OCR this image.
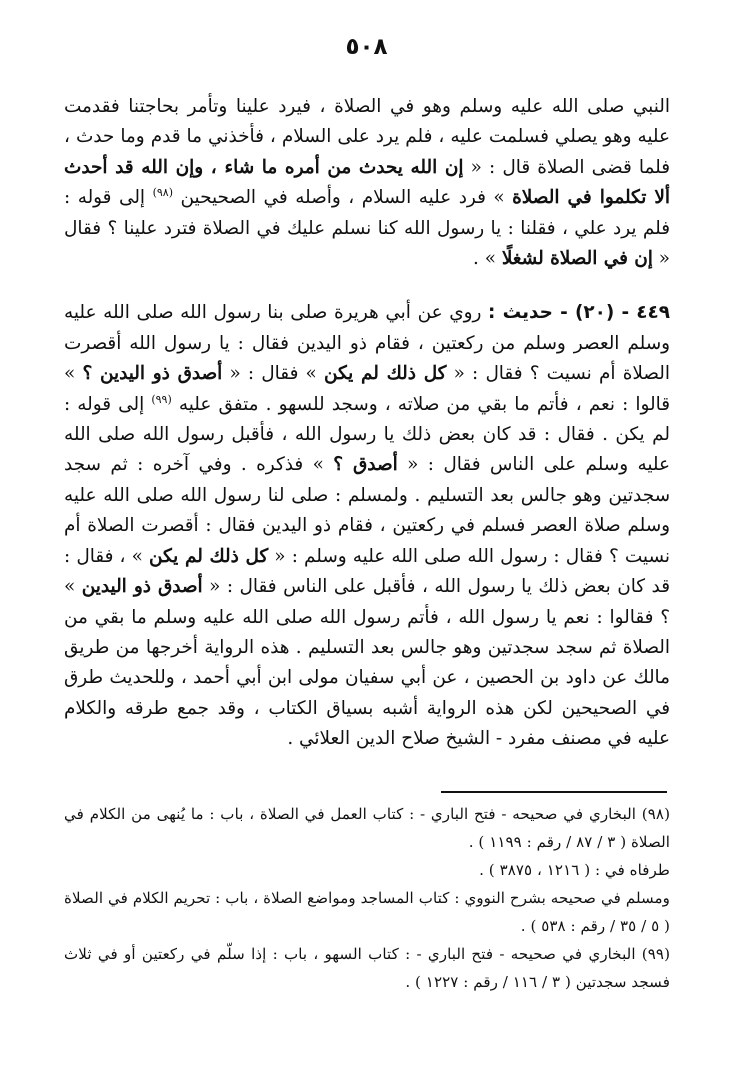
٥٠٨

النبي صلى الله عليه وسلم وهو في الصلاة ، فيرد علينا وتأمر بحاجتنا فقدمت عليه وهو يصلي فسلمت عليه ، فلم يرد على السلام ، فأخذني ما قدم وما حدث ، فلما قضى الصلاة قال : « إن الله يحدث من أمره ما شاء ، وإن الله قد أحدث ألا تكلموا في الصلاة » فرد عليه السلام ، وأصله في الصحيحين $^{(٩٨)}$ إلى قوله : فلم يرد علي ، فقلنا : يا رسول الله كنا نسلم عليك في الصلاة فترد علينا ؟ فقال « إن في الصلاة لشغلًا » .

٤٤٩ - (٢٠) - حديث : روي عن أبي هريرة صلى بنا رسول الله صلى الله عليه وسلم العصر وسلم من ركعتين ، فقام ذو اليدين فقال : يا رسول الله أقصرت الصلاة أم نسيت ؟ فقال : « كل ذلك لم يكن » فقال : « أصدق ذو اليدين ؟ » قالوا : نعم ، فأتم ما بقي من صلاته ، وسجد للسهو . متفق عليه $^{(٩٩)}$ إلى قوله : لم يكن . فقال : قد كان بعض ذلك يا رسول الله ، فأقبل رسول الله صلى الله عليه وسلم على الناس فقال : « أصدق ؟ » فذكره . وفي آخره : ثم سجد سجدتين وهو جالس بعد التسليم . ولمسلم : صلى لنا رسول الله صلى الله عليه وسلم صلاة العصر فسلم في ركعتين ، فقام ذو اليدين فقال : أقصرت الصلاة أم نسيت ؟ فقال : رسول الله صلى الله عليه وسلم : « كل ذلك لم يكن » ، فقال : قد كان بعض ذلك يا رسول الله ، فأقبل على الناس فقال : « أصدق ذو اليدين » ؟ فقالوا : نعم يا رسول الله ، فأتم رسول الله صلى الله عليه وسلم ما بقي من الصلاة ثم سجد سجدتين وهو جالس بعد التسليم . هذه الرواية أخرجها من طريق مالك عن داود بن الحصين ، عن أبي سفيان مولى ابن أبي أحمد ، وللحديث طرق في الصحيحين لكن هذه الرواية أشبه بسياق الكتاب ، وقد جمع طرقه والكلام عليه في مصنف مفرد - الشيخ صلاح الدين العلائي .

(٩٨) البخاري في صحيحه - فتح الباري - : كتاب العمل في الصلاة ، باب : ما يُنهى من الكلام في الصلاة ( ٣ / ٨٧ / رقم : ١١٩٩ ) .

طرفاه في : ( ١٢١٦ ، ٣٨٧٥ ) .

ومسلم في صحيحه بشرح النووي : كتاب المساجد ومواضع الصلاة ، باب : تحريم الكلام في الصلاة ( ٥ / ٣٥ / رقم : ٥٣٨ ) .

(٩٩) البخاري في صحيحه - فتح الباري - : كتاب السهو ، باب : إذا سلّم في ركعتين أو في ثلاث فسجد سجدتين ( ٣ / ١١٦ / رقم : ١٢٢٧ ) .
